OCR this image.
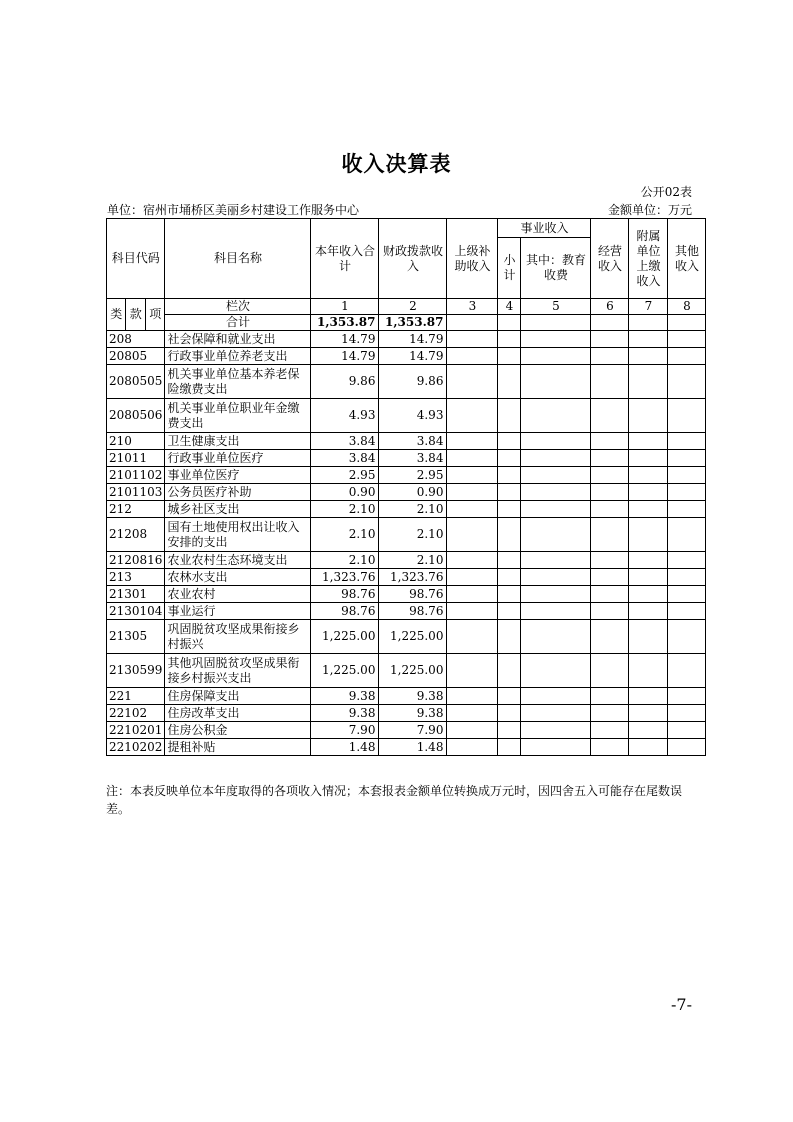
收入决算表
公开02表
单位：宿州市埇桥区美丽乡村建设工作服务中心	金额单位：万元
科目代码			科目名称	本年收入合计	财政拨款收入	上级补助收入	事业收入		经营收入	附属单位上缴收入	其他收入
							小计	其中：教育收费			

类	款	项	栏次	1	2	3	4	5	6	7	8
			合计	1,353.87	1,353.87						
208			社会保障和就业支出	14.79	14.79						
20805			行政事业单位养老支出	14.79	14.79						
2080505			机关事业单位基本养老保险缴费支出	9.86	9.86						
2080506			机关事业单位职业年金缴费支出	4.93	4.93						
210			卫生健康支出	3.84	3.84						
21011			行政事业单位医疗	3.84	3.84						
2101102			事业单位医疗	2.95	2.95						
2101103			公务员医疗补助	0.90	0.90						
212			城乡社区支出	2.10	2.10						
21208			国有土地使用权出让收入安排的支出	2.10	2.10						
2120816			农业农村生态环境支出	2.10	2.10						
213			农林水支出	1,323.76	1,323.76						
21301			农业农村	98.76	98.76						
2130104			事业运行	98.76	98.76						
21305			巩固脱贫攻坚成果衔接乡村振兴	1,225.00	1,225.00						
2130599			其他巩固脱贫攻坚成果衔接乡村振兴支出	1,225.00	1,225.00						
221			住房保障支出	9.38	9.38						
22102			住房改革支出	9.38	9.38						
2210201			住房公积金	7.90	7.90						
2210202			提租补贴	1.48	1.48						
注：本表反映单位本年度取得的各项收入情况；本套报表金额单位转换成万元时，因四舍五入可能存在尾数误差。
-7-
